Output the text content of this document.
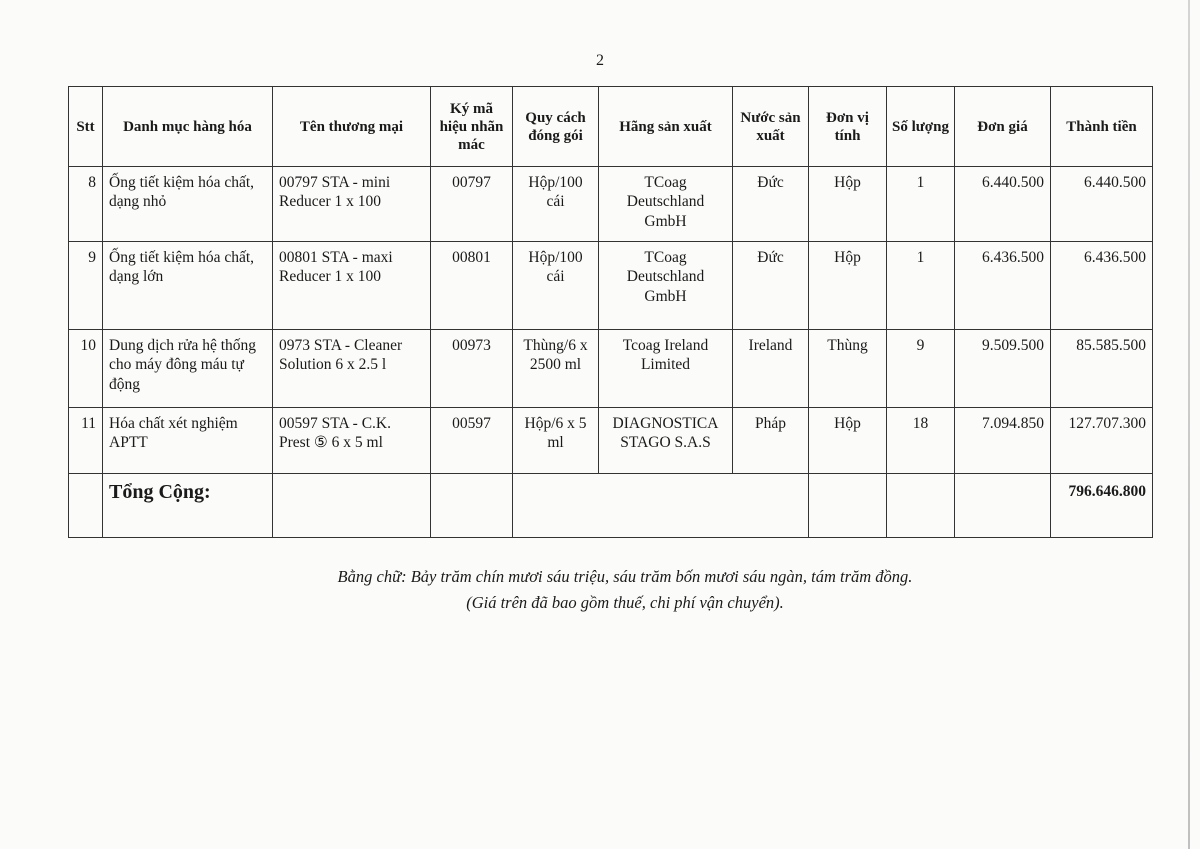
2
Stt	Danh mục hàng hóa	Tên thương mại	Ký mã hiệu nhãn mác	Quy cách đóng gói	Hãng sản xuất	Nước sản xuất	Đơn vị tính	Số lượng	Đơn giá	Thành tiền
8	Ống tiết kiệm hóa chất, dạng nhỏ	00797 STA - mini Reducer 1 x 100	00797	Hộp/100 cái	TCoag Deutschland GmbH	Đức	Hộp	1	6.440.500	6.440.500
9	Ống tiết kiệm hóa chất, dạng lớn	00801 STA - maxi Reducer 1 x 100	00801	Hộp/100 cái	TCoag Deutschland GmbH	Đức	Hộp	1	6.436.500	6.436.500
10	Dung dịch rửa hệ thống cho máy đông máu tự động	0973 STA - Cleaner Solution 6 x 2.5 l	00973	Thùng/6 x 2500 ml	Tcoag Ireland Limited	Ireland	Thùng	9	9.509.500	85.585.500
11	Hóa chất xét nghiệm APTT	00597 STA - C.K. Prest ⑤ 6 x 5 ml	00597	Hộp/6 x 5 ml	DIAGNOSTICA STAGO S.A.S	Pháp	Hộp	18	7.094.850	127.707.300
	Tổng Cộng:									796.646.800

Bằng chữ: Bảy trăm chín mươi sáu triệu, sáu trăm bốn mươi sáu ngàn, tám trăm đồng.

(Giá trên đã bao gồm thuế, chi phí vận chuyển).
